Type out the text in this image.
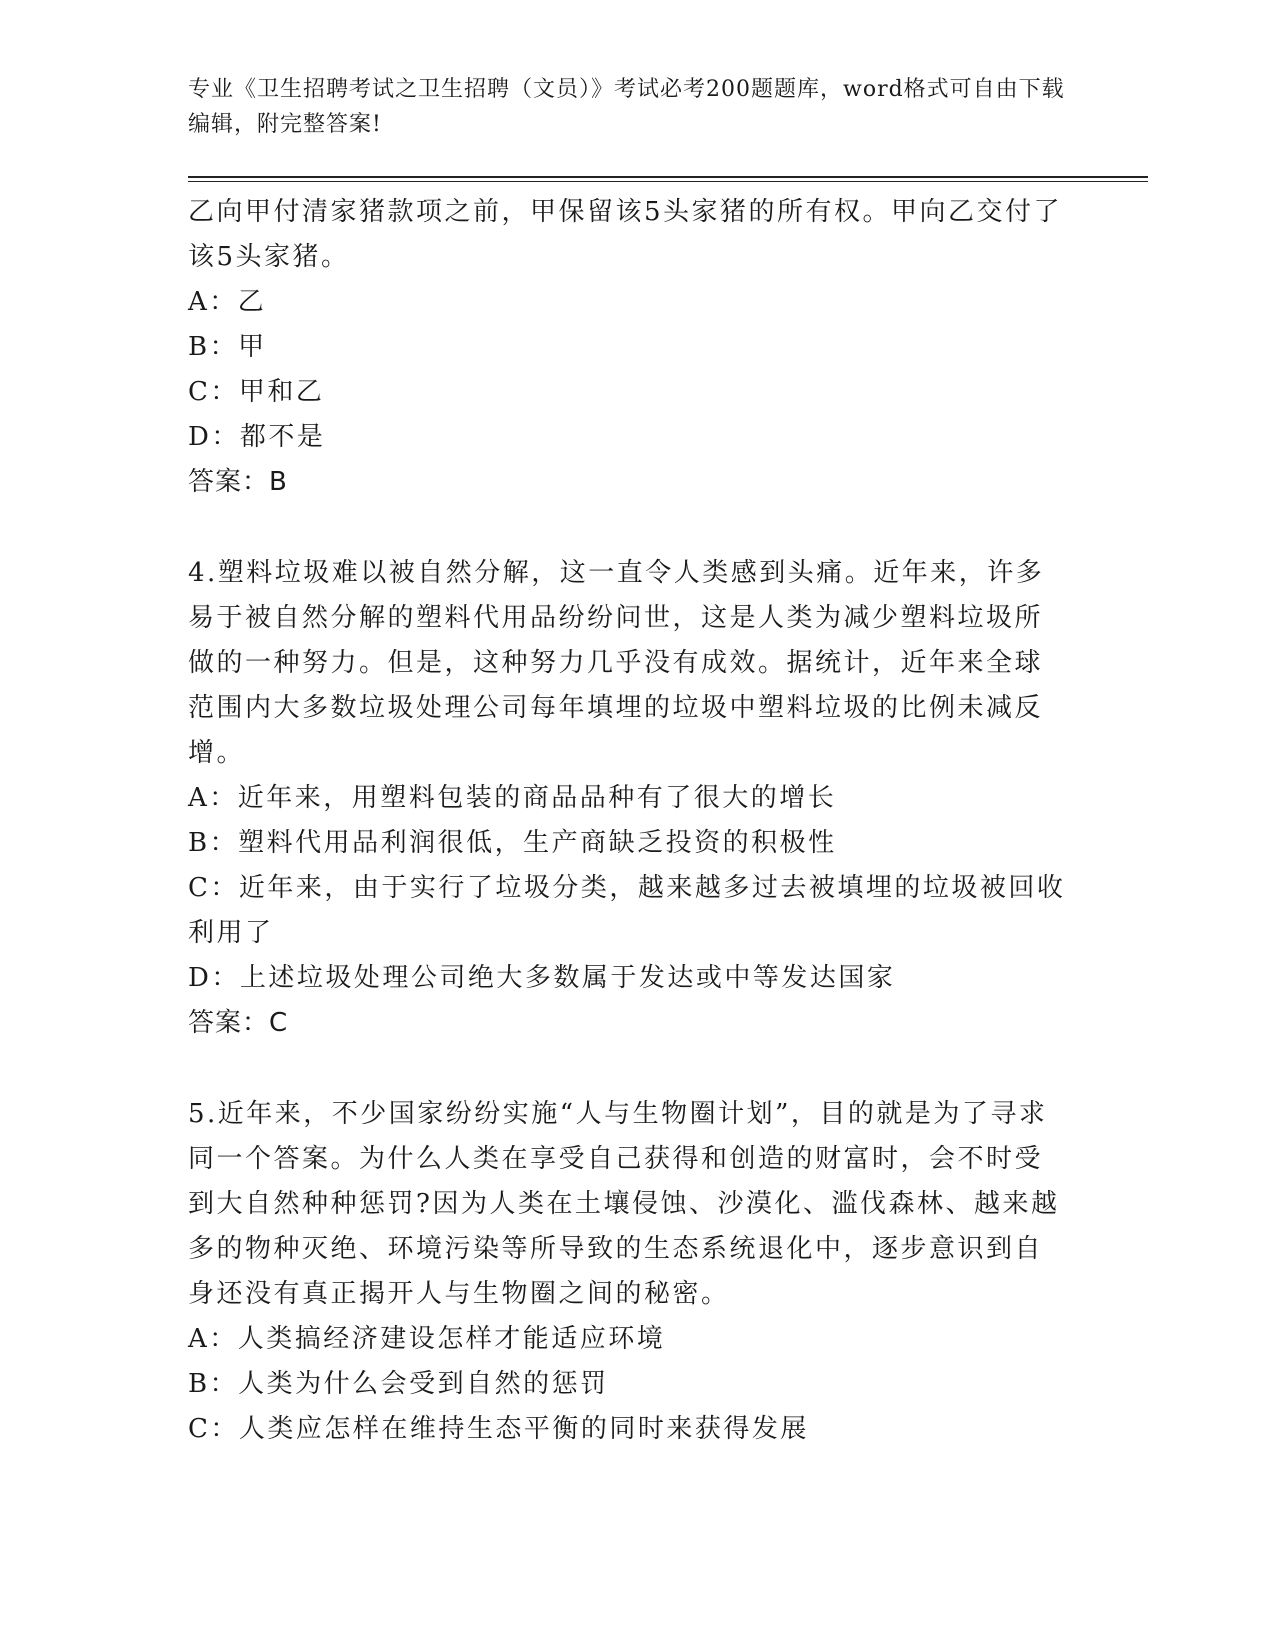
专业《卫生招聘考试之卫生招聘（文员）》考试必考200题题库，word格式可自由下载编辑，附完整答案!

乙向甲付清家猪款项之前，甲保留该5头家猪的所有权。甲向乙交付了该5头家猪。

A：乙

B：甲

C：甲和乙

D：都不是

答案：B

4.塑料垃圾难以被自然分解，这一直令人类感到头痛。近年来，许多易于被自然分解的塑料代用品纷纷问世，这是人类为减少塑料垃圾所做的一种努力。但是，这种努力几乎没有成效。据统计，近年来全球范围内大多数垃圾处理公司每年填埋的垃圾中塑料垃圾的比例未减反增。

A：近年来，用塑料包装的商品品种有了很大的增长

B：塑料代用品利润很低，生产商缺乏投资的积极性

C：近年来，由于实行了垃圾分类，越来越多过去被填埋的垃圾被回收利用了

D：上述垃圾处理公司绝大多数属于发达或中等发达国家

答案：C

5.近年来，不少国家纷纷实施“人与生物圈计划”，目的就是为了寻求同一个答案。为什么人类在享受自己获得和创造的财富时，会不时受到大自然种种惩罚?因为人类在土壤侵蚀、沙漠化、滥伐森林、越来越多的物种灭绝、环境污染等所导致的生态系统退化中，逐步意识到自身还没有真正揭开人与生物圈之间的秘密。

A：人类搞经济建设怎样才能适应环境

B：人类为什么会受到自然的惩罚

C：人类应怎样在维持生态平衡的同时来获得发展
